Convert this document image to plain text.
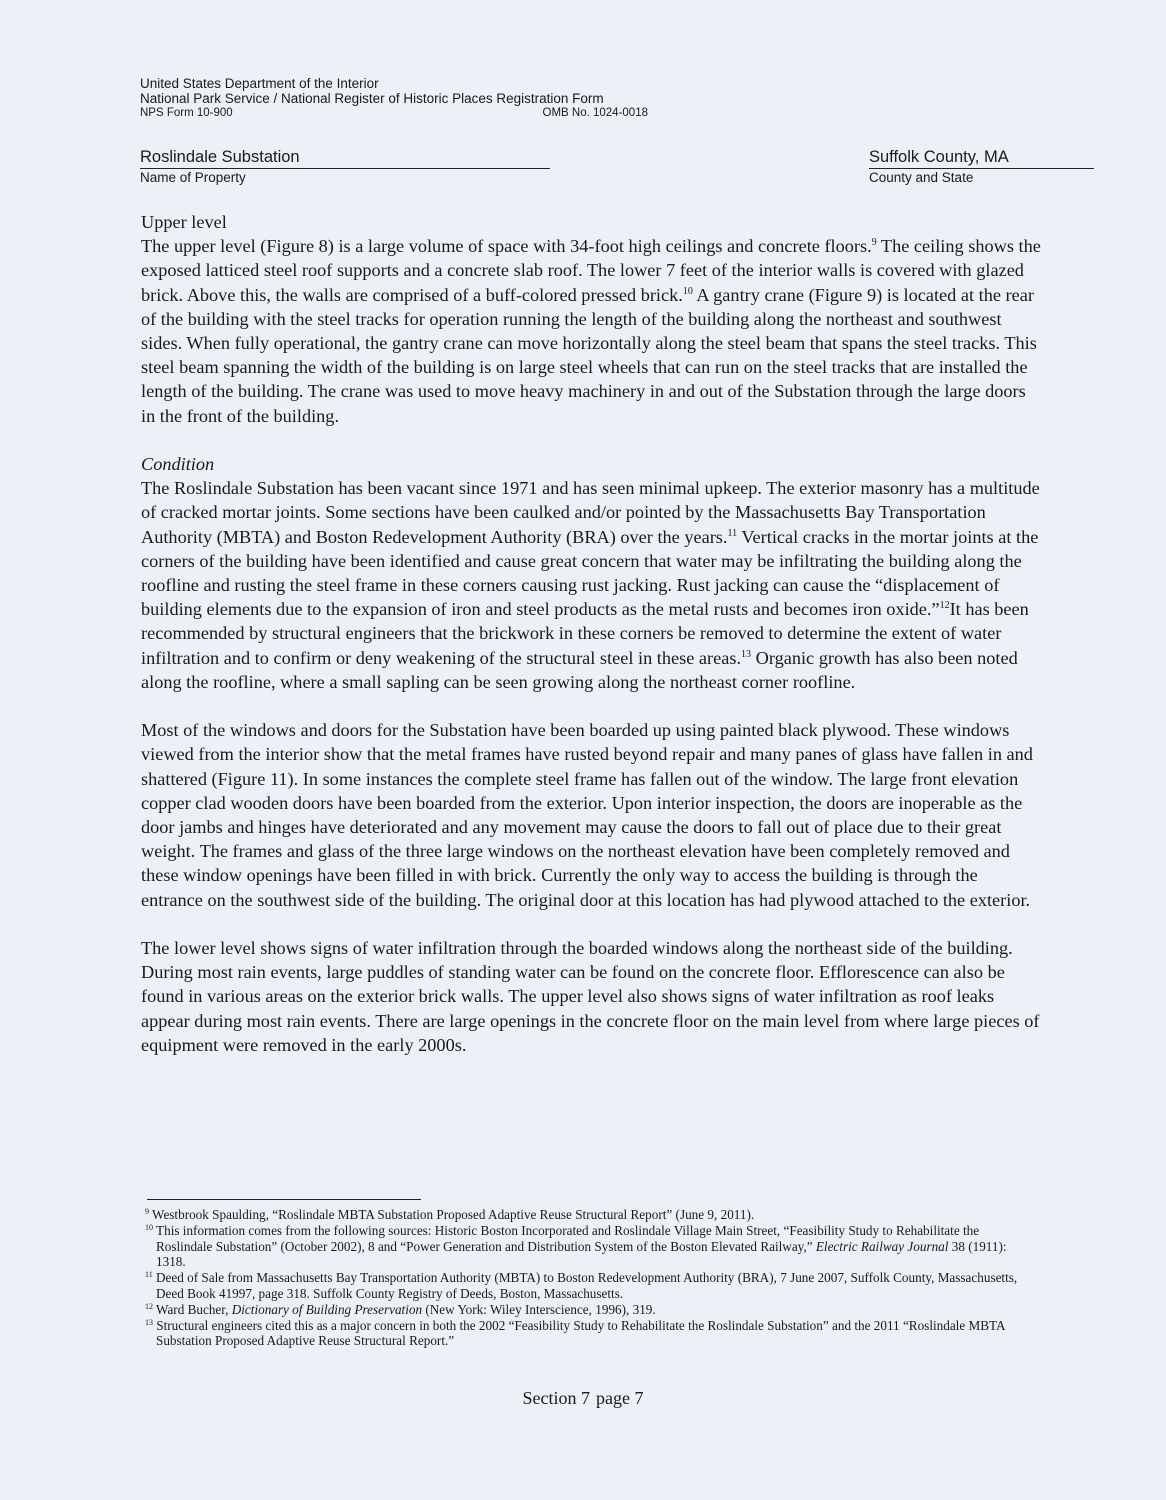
United States Department of the Interior
National Park Service / National Register of Historic Places Registration Form
NPS Form 10-900	OMB No. 1024-0018
Roslindale Substation
Name of Property
Suffolk County, MA
County and State

Upper level

The upper level (Figure 8) is a large volume of space with 34-foot high ceilings and concrete floors.$^9$ The ceiling shows the exposed latticed steel roof supports and a concrete slab roof. The lower 7 feet of the interior walls is covered with glazed brick. Above this, the walls are comprised of a buff-colored pressed brick.$^{10}$ A gantry crane (Figure 9) is located at the rear of the building with the steel tracks for operation running the length of the building along the northeast and southwest sides. When fully operational, the gantry crane can move horizontally along the steel beam that spans the steel tracks. This steel beam spanning the width of the building is on large steel wheels that can run on the steel tracks that are installed the length of the building. The crane was used to move heavy machinery in and out of the Substation through the large doors in the front of the building.

Condition

The Roslindale Substation has been vacant since 1971 and has seen minimal upkeep. The exterior masonry has a multitude of cracked mortar joints. Some sections have been caulked and/or pointed by the Massachusetts Bay Transportation Authority (MBTA) and Boston Redevelopment Authority (BRA) over the years.$^{11}$ Vertical cracks in the mortar joints at the corners of the building have been identified and cause great concern that water may be infiltrating the building along the roofline and rusting the steel frame in these corners causing rust jacking. Rust jacking can cause the “displacement of building elements due to the expansion of iron and steel products as the metal rusts and becomes iron oxide.”$^{12}$It has been recommended by structural engineers that the brickwork in these corners be removed to determine the extent of water infiltration and to confirm or deny weakening of the structural steel in these areas.$^{13}$ Organic growth has also been noted along the roofline, where a small sapling can be seen growing along the northeast corner roofline.

Most of the windows and doors for the Substation have been boarded up using painted black plywood. These windows viewed from the interior show that the metal frames have rusted beyond repair and many panes of glass have fallen in and shattered (Figure 11). In some instances the complete steel frame has fallen out of the window. The large front elevation copper clad wooden doors have been boarded from the exterior. Upon interior inspection, the doors are inoperable as the door jambs and hinges have deteriorated and any movement may cause the doors to fall out of place due to their great weight. The frames and glass of the three large windows on the northeast elevation have been completely removed and these window openings have been filled in with brick. Currently the only way to access the building is through the entrance on the southwest side of the building. The original door at this location has had plywood attached to the exterior.

The lower level shows signs of water infiltration through the boarded windows along the northeast side of the building. During most rain events, large puddles of standing water can be found on the concrete floor. Efflorescence can also be found in various areas on the exterior brick walls. The upper level also shows signs of water infiltration as roof leaks appear during most rain events. There are large openings in the concrete floor on the main level from where large pieces of equipment were removed in the early 2000s.

$^9$ Westbrook Spaulding, “Roslindale MBTA Substation Proposed Adaptive Reuse Structural Report” (June 9, 2011).

$^{10}$ This information comes from the following sources: Historic Boston Incorporated and Roslindale Village Main Street, “Feasibility Study to Rehabilitate the Roslindale Substation” (October 2002), 8 and “Power Generation and Distribution System of the Boston Elevated Railway,” Electric Railway Journal 38 (1911): 1318.

$^{11}$ Deed of Sale from Massachusetts Bay Transportation Authority (MBTA) to Boston Redevelopment Authority (BRA), 7 June 2007, Suffolk County, Massachusetts, Deed Book 41997, page 318. Suffolk County Registry of Deeds, Boston, Massachusetts.

$^{12}$ Ward Bucher, Dictionary of Building Preservation (New York: Wiley Interscience, 1996), 319.

$^{13}$ Structural engineers cited this as a major concern in both the 2002 “Feasibility Study to Rehabilitate the Roslindale Substation” and the 2011 “Roslindale MBTA Substation Proposed Adaptive Reuse Structural Report.”

Section 7 page 7
